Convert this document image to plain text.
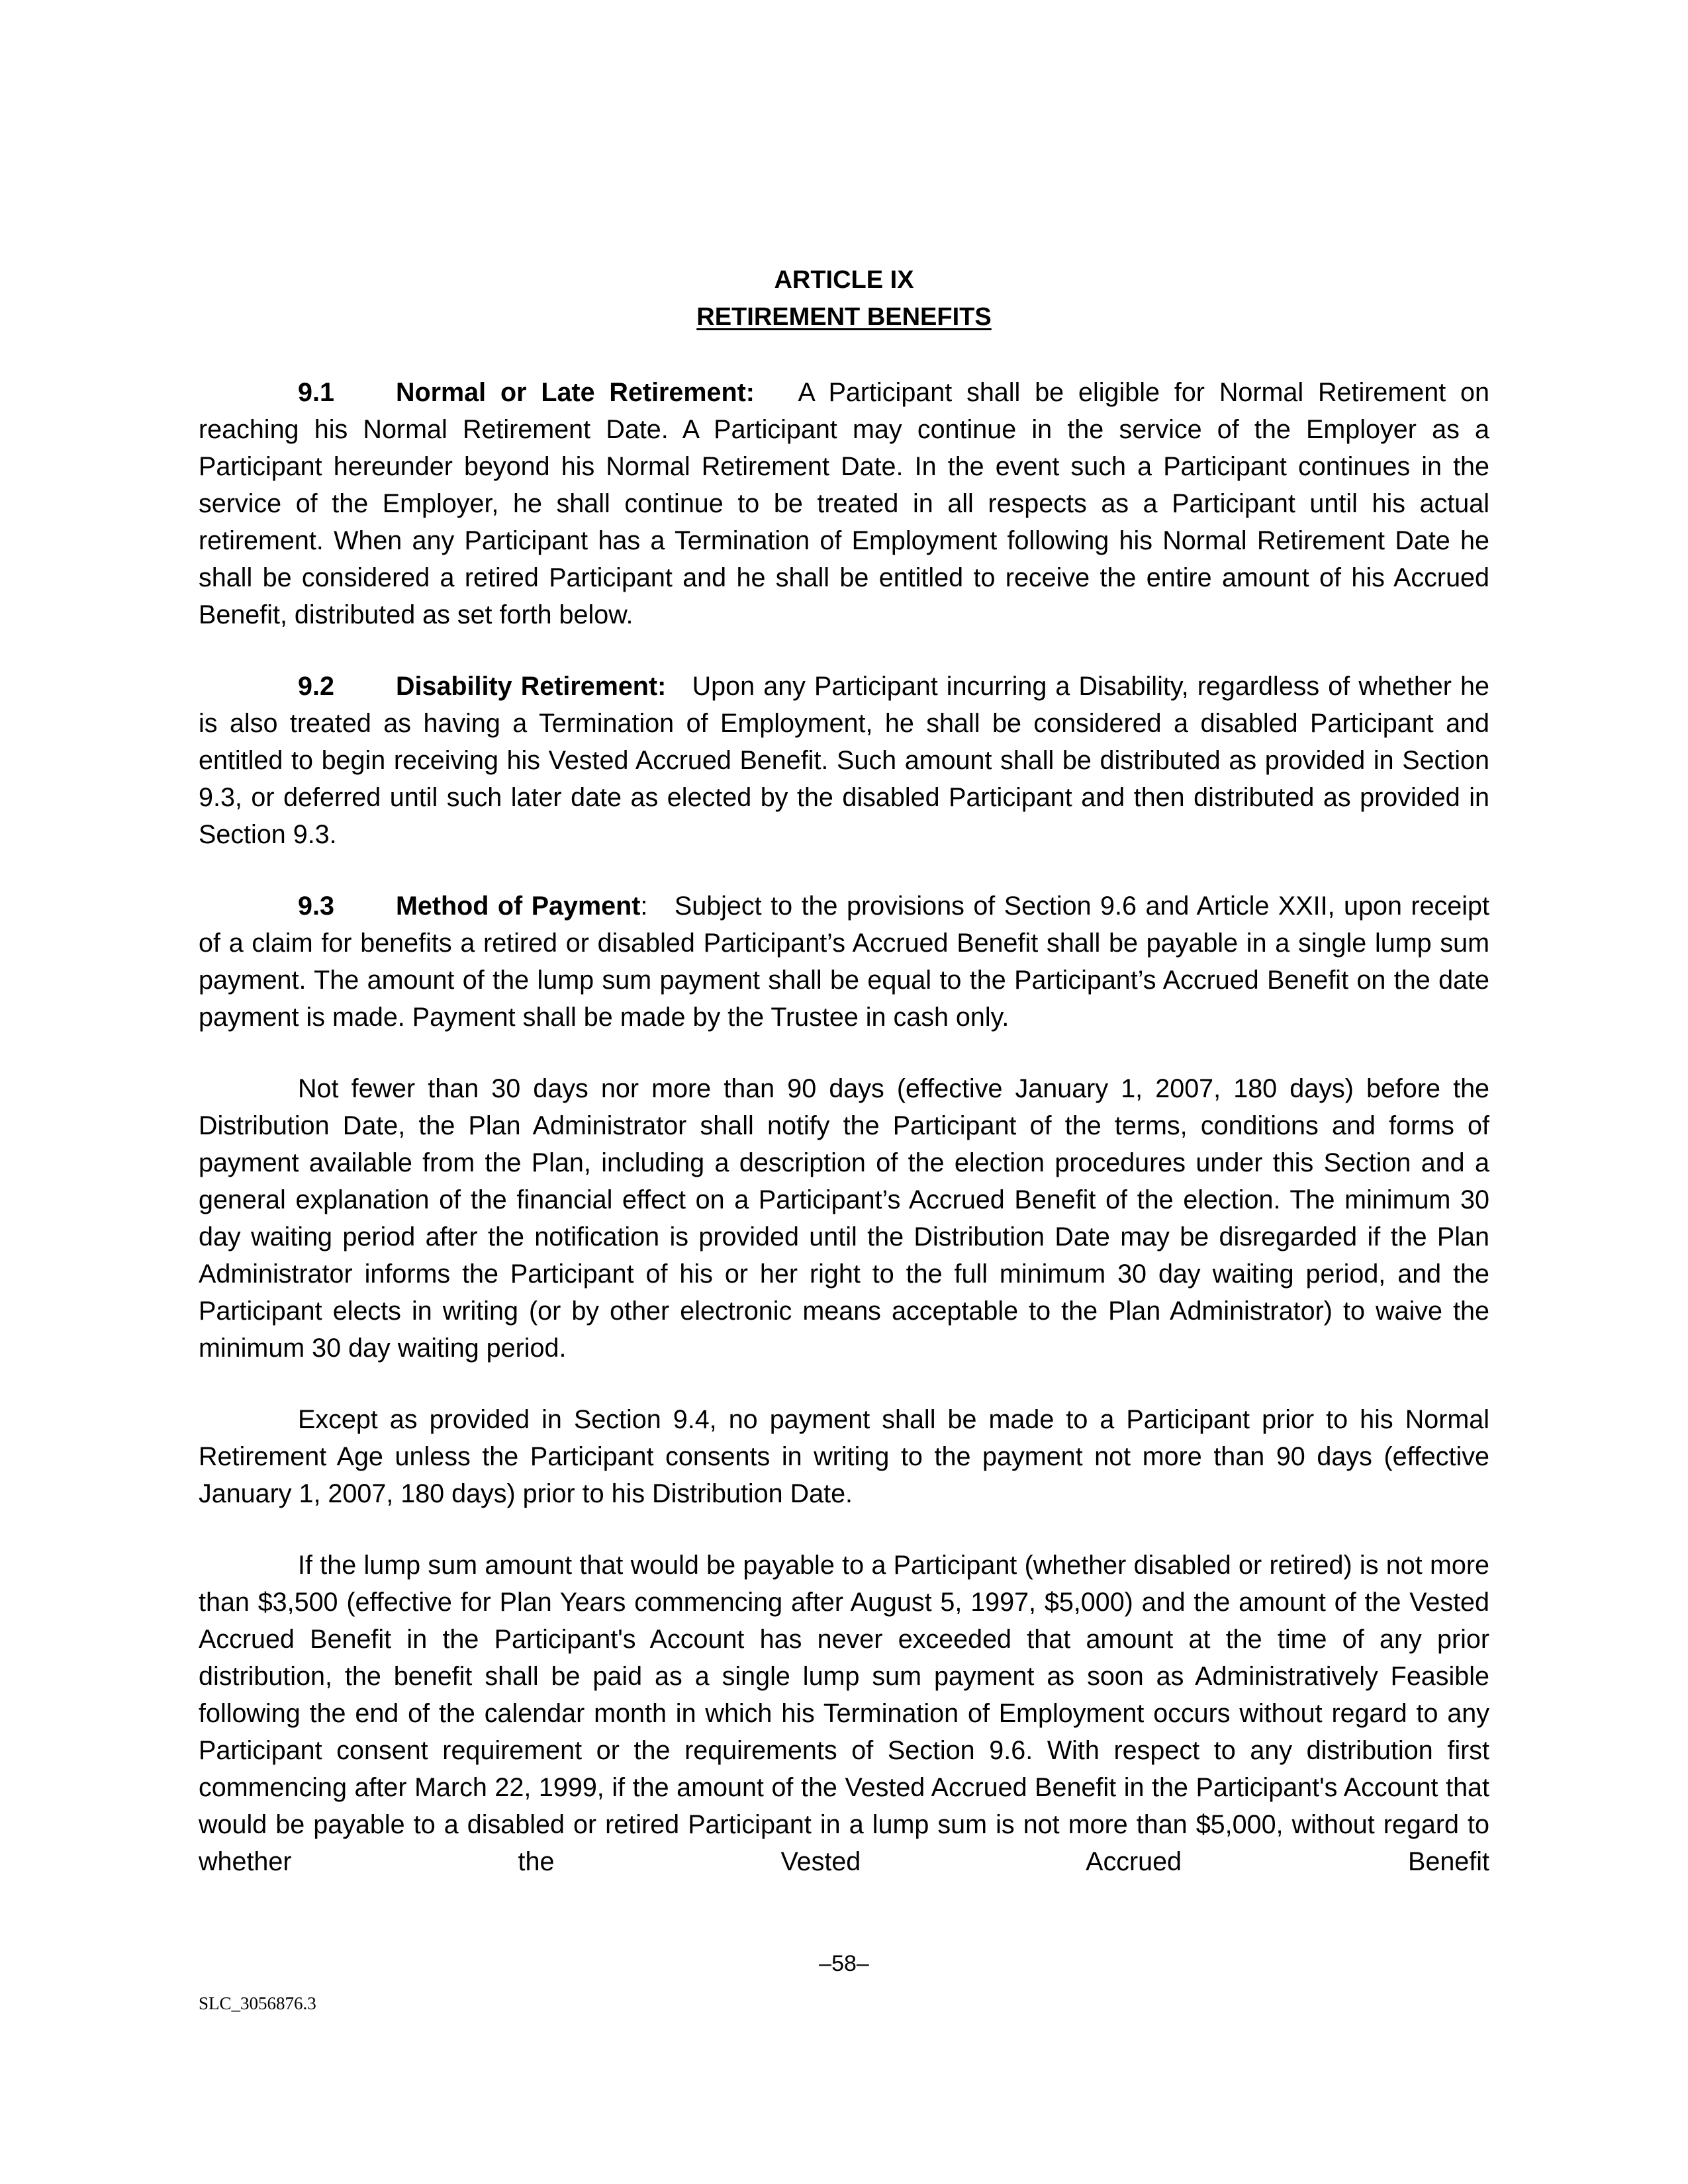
ARTICLE IX
RETIREMENT BENEFITS

9.1 Normal or Late Retirement: A Participant shall be eligible for Normal Retirement on reaching his Normal Retirement Date. A Participant may continue in the service of the Employer as a Participant hereunder beyond his Normal Retirement Date. In the event such a Participant continues in the service of the Employer, he shall continue to be treated in all respects as a Participant until his actual retirement. When any Participant has a Termination of Employment following his Normal Retirement Date he shall be considered a retired Participant and he shall be entitled to receive the entire amount of his Accrued Benefit, distributed as set forth below.

9.2 Disability Retirement: Upon any Participant incurring a Disability, regardless of whether he is also treated as having a Termination of Employment, he shall be considered a disabled Participant and entitled to begin receiving his Vested Accrued Benefit. Such amount shall be distributed as provided in Section 9.3, or deferred until such later date as elected by the disabled Participant and then distributed as provided in Section 9.3.

9.3 Method of Payment: Subject to the provisions of Section 9.6 and Article XXII, upon receipt of a claim for benefits a retired or disabled Participant’s Accrued Benefit shall be payable in a single lump sum payment. The amount of the lump sum payment shall be equal to the Participant’s Accrued Benefit on the date payment is made. Payment shall be made by the Trustee in cash only.

Not fewer than 30 days nor more than 90 days (effective January 1, 2007, 180 days) before the Distribution Date, the Plan Administrator shall notify the Participant of the terms, conditions and forms of payment available from the Plan, including a description of the election procedures under this Section and a general explanation of the financial effect on a Participant’s Accrued Benefit of the election. The minimum 30 day waiting period after the notification is provided until the Distribution Date may be disregarded if the Plan Administrator informs the Participant of his or her right to the full minimum 30 day waiting period, and the Participant elects in writing (or by other electronic means acceptable to the Plan Administrator) to waive the minimum 30 day waiting period.

Except as provided in Section 9.4, no payment shall be made to a Participant prior to his Normal Retirement Age unless the Participant consents in writing to the payment not more than 90 days (effective January 1, 2007, 180 days) prior to his Distribution Date.

If the lump sum amount that would be payable to a Participant (whether disabled or retired) is not more than $3,500 (effective for Plan Years commencing after August 5, 1997, $5,000) and the amount of the Vested Accrued Benefit in the Participant's Account has never exceeded that amount at the time of any prior distribution, the benefit shall be paid as a single lump sum payment as soon as Administratively Feasible following the end of the calendar month in which his Termination of Employment occurs without regard to any Participant consent requirement or the requirements of Section 9.6. With respect to any distribution first commencing after March 22, 1999, if the amount of the Vested Accrued Benefit in the Participant's Account that would be payable to a disabled or retired Participant in a lump sum is not more than $5,000, without regard to whether the Vested Accrued Benefit

–58–
SLC_3056876.3
